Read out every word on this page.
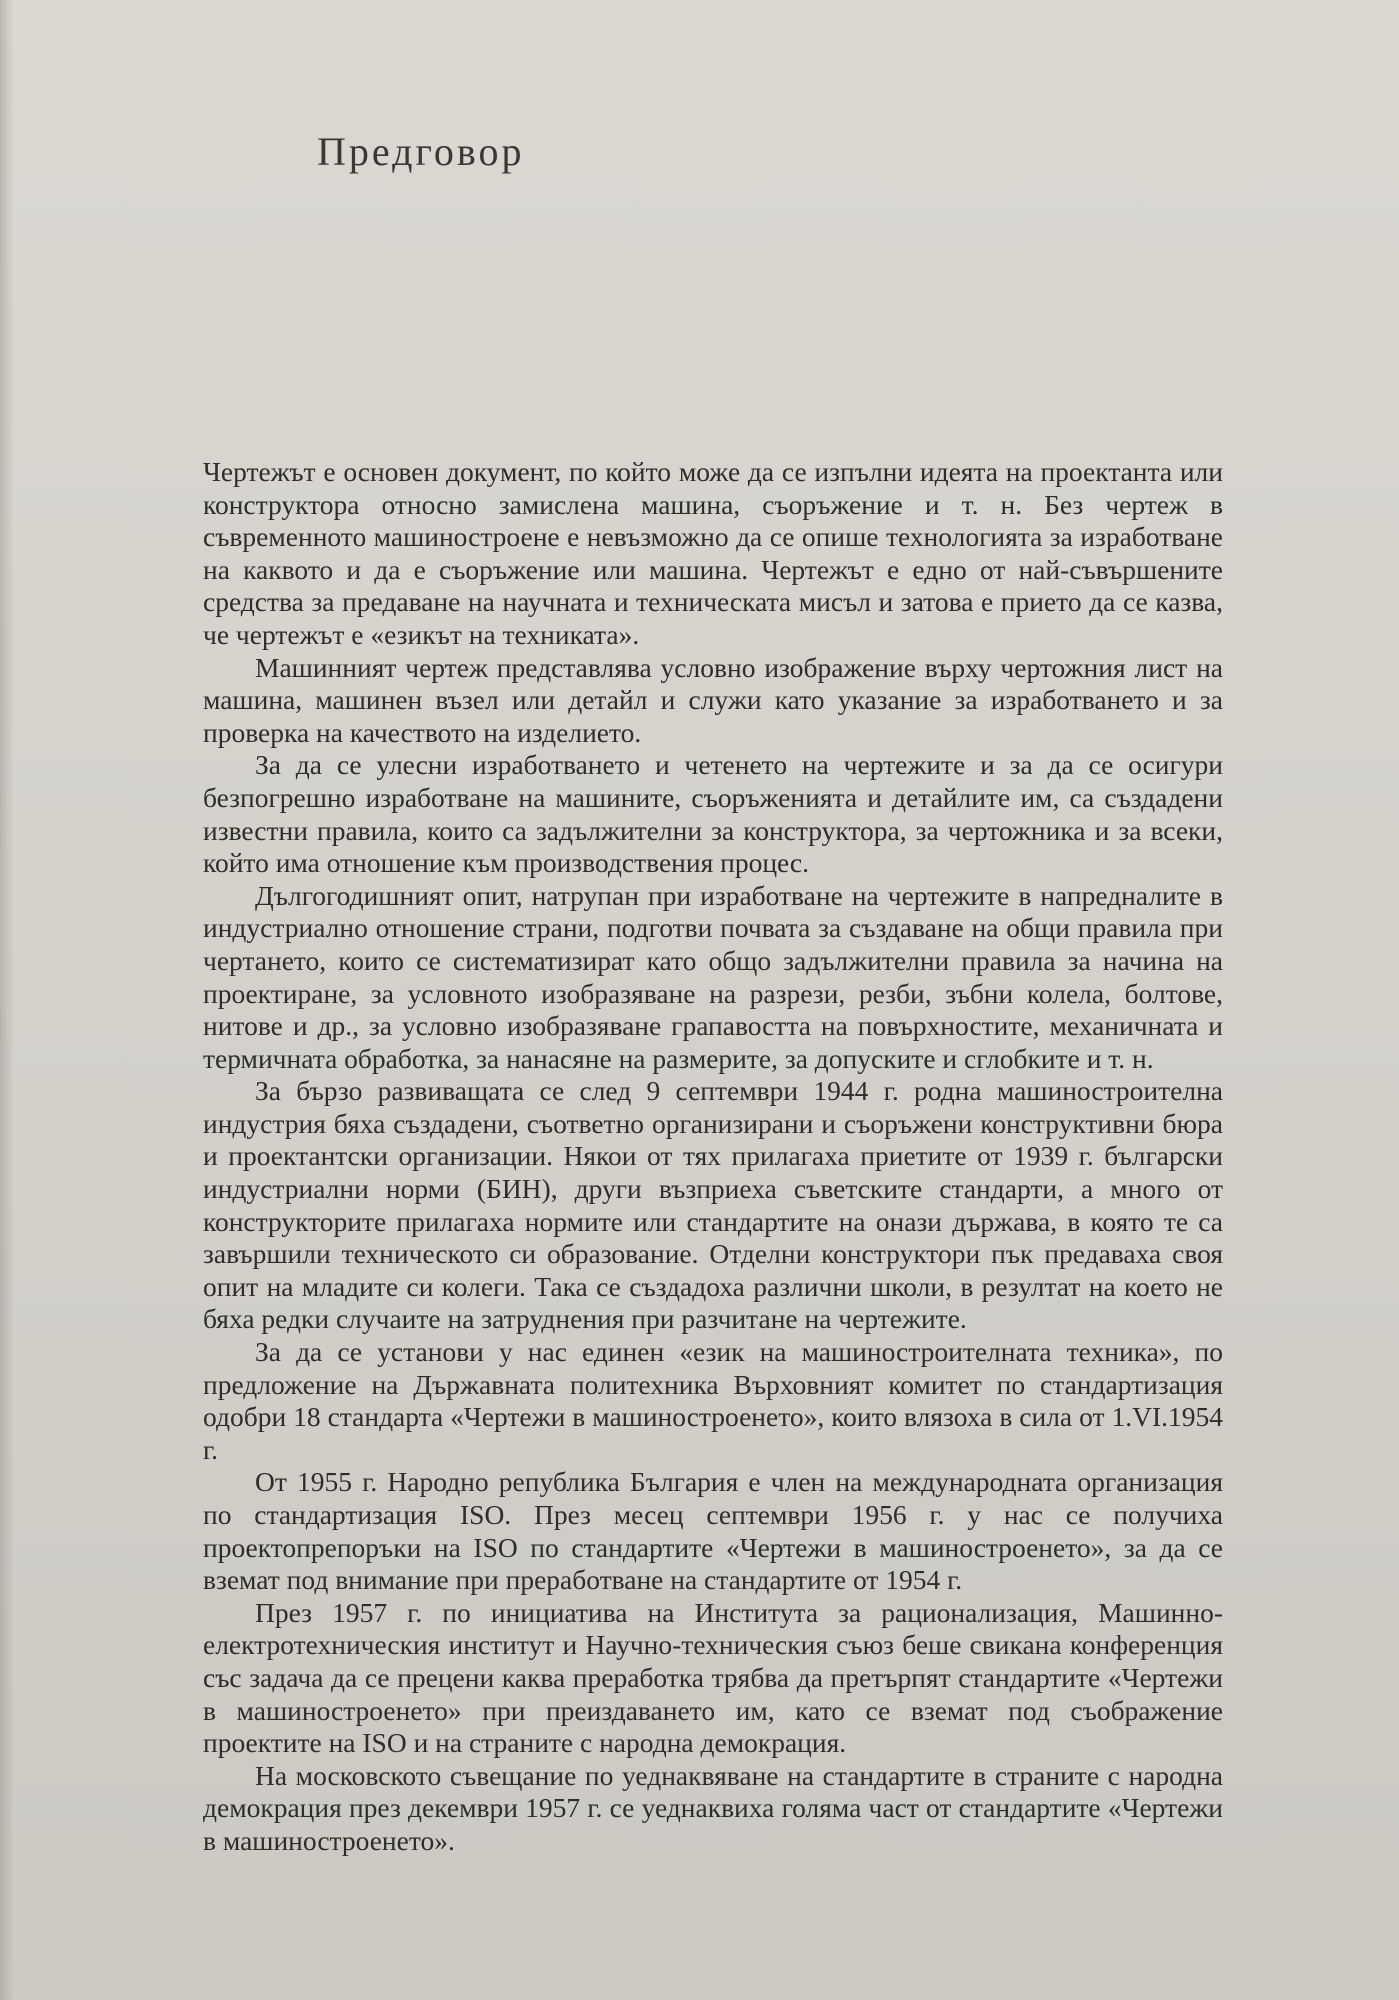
Предговор

Чертежът е основен документ, по който може да се изпълни идеята на проектанта или конструктора относно замислена машина, съоръжение и т. н. Без чертеж в съвременното машиностроене е невъзможно да се опише технологията за изработване на каквото и да е съоръжение или машина. Чертежът е едно от най-съвършените средства за предаване на научната и техническата мисъл и затова е прието да се казва, че чертежът е «езикът на техниката».

Машинният чертеж представлява условно изображение върху чертожния лист на машина, машинен възел или детайл и служи като указание за изработването и за проверка на качеството на изделието.

За да се улесни изработването и четенето на чертежите и за да се осигури безпогрешно изработване на машините, съоръженията и детайлите им, са създадени известни правила, които са задължителни за конструктора, за чертожника и за всеки, който има отношение към производствения процес.

Дългогодишният опит, натрупан при изработване на чертежите в напредналите в индустриално отношение страни, подготви почвата за създаване на общи правила при чертането, които се систематизират като общо задължителни правила за начина на проектиране, за условното изобразяване на разрези, резби, зъбни колела, болтове, нитове и др., за условно изобразяване грапавостта на повърхностите, механичната и термичната обработка, за нанасяне на размерите, за допуските и сглобките и т. н.

За бързо развиващата се след 9 септември 1944 г. родна машиностроителна индустрия бяха създадени, съответно организирани и съоръжени конструктивни бюра и проектантски организации. Някои от тях прилагаха приетите от 1939 г. български индустриални норми (БИН), други възприеха съветските стандарти, а много от конструкторите прилагаха нормите или стандартите на онази държава, в която те са завършили техническото си образование. Отделни конструктори пък предаваха своя опит на младите си колеги. Така се създадоха различни школи, в резултат на което не бяха редки случаите на затруднения при разчитане на чертежите.

За да се установи у нас единен «език на машиностроителната техника», по предложение на Държавната политехника Върховният комитет по стандартизация одобри 18 стандарта «Чертежи в машиностроенето», които влязоха в сила от 1.VI.1954 г.

От 1955 г. Народно република България е член на международната организация по стандартизация ISO. През месец септември 1956 г. у нас се получиха проектопрепоръки на ISO по стандартите «Чертежи в машиностроенето», за да се вземат под внимание при преработване на стандартите от 1954 г.

През 1957 г. по инициатива на Института за рационализация, Машинно-електротехническия институт и Научно-техническия съюз беше свикана конференция със задача да се прецени каква преработка трябва да претърпят стандартите «Чертежи в машиностроенето» при преиздаването им, като се вземат под съображение проектите на ISO и на страните с народна демокрация.

На московското съвещание по уеднаквяване на стандартите в страните с народна демокрация през декември 1957 г. се уеднаквиха голяма част от стандартите «Чертежи в машиностроенето».
